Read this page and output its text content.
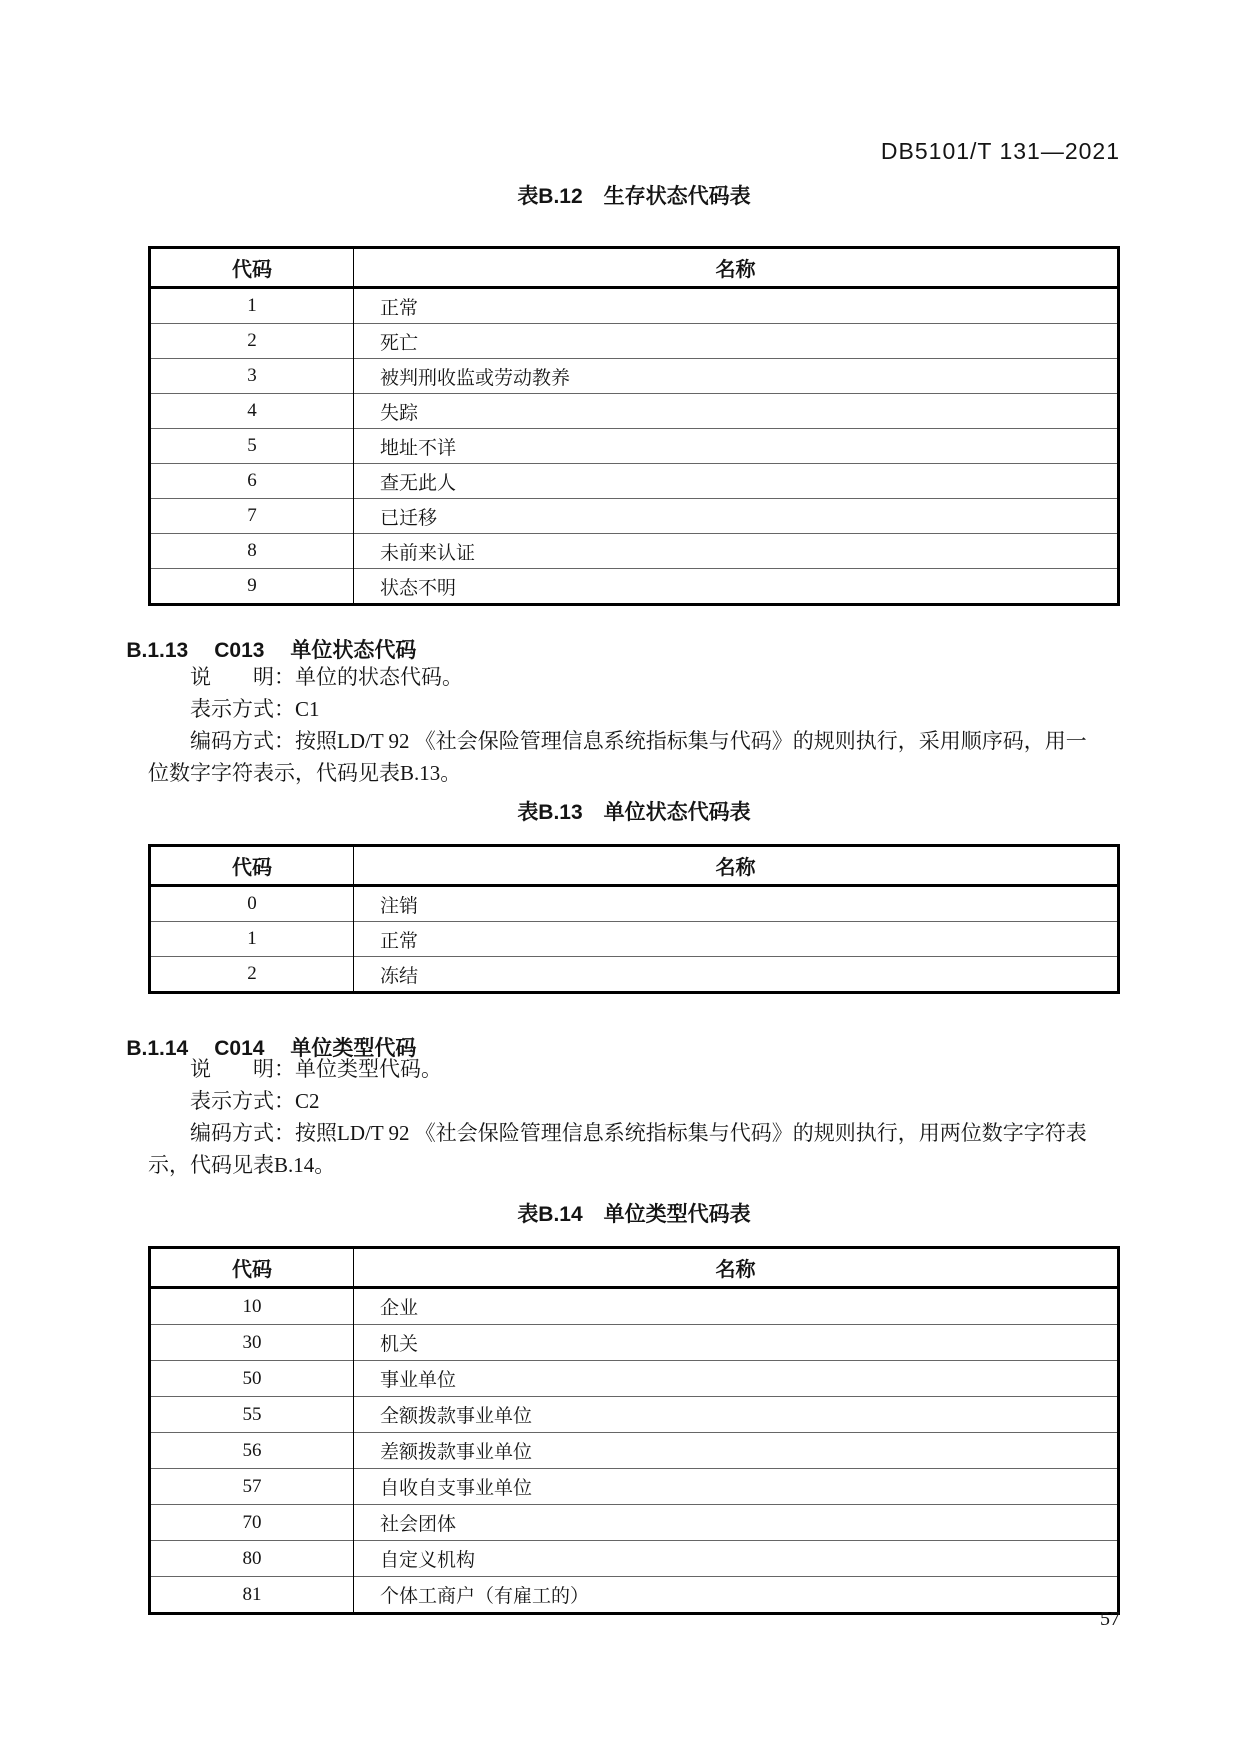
DB5101/T 131—2021
表B.12　生存状态代码表
代码	名称
1	正常
2	死亡
3	被判刑收监或劳动教养
4	失踪
5	地址不详
6	查无此人
7	已迁移
8	未前来认证
9	状态不明

B.1.13 C013 单位状态代码

说　　明：单位的状态代码。
表示方式：C1
编码方式：按照LD/T 92 《社会保险管理信息系统指标集与代码》的规则执行，采用顺序码，用一
位数字字符表示，代码见表B.13。
表B.13　单位状态代码表
代码	名称
0	注销
1	正常
2	冻结

B.1.14 C014 单位类型代码

说　　明：单位类型代码。
表示方式：C2
编码方式：按照LD/T 92 《社会保险管理信息系统指标集与代码》的规则执行，用两位数字字符表
示，代码见表B.14。
表B.14　单位类型代码表
代码	名称
10	企业
30	机关
50	事业单位
55	全额拨款事业单位
56	差额拨款事业单位
57	自收自支事业单位
70	社会团体
80	自定义机构
81	个体工商户（有雇工的）
57
